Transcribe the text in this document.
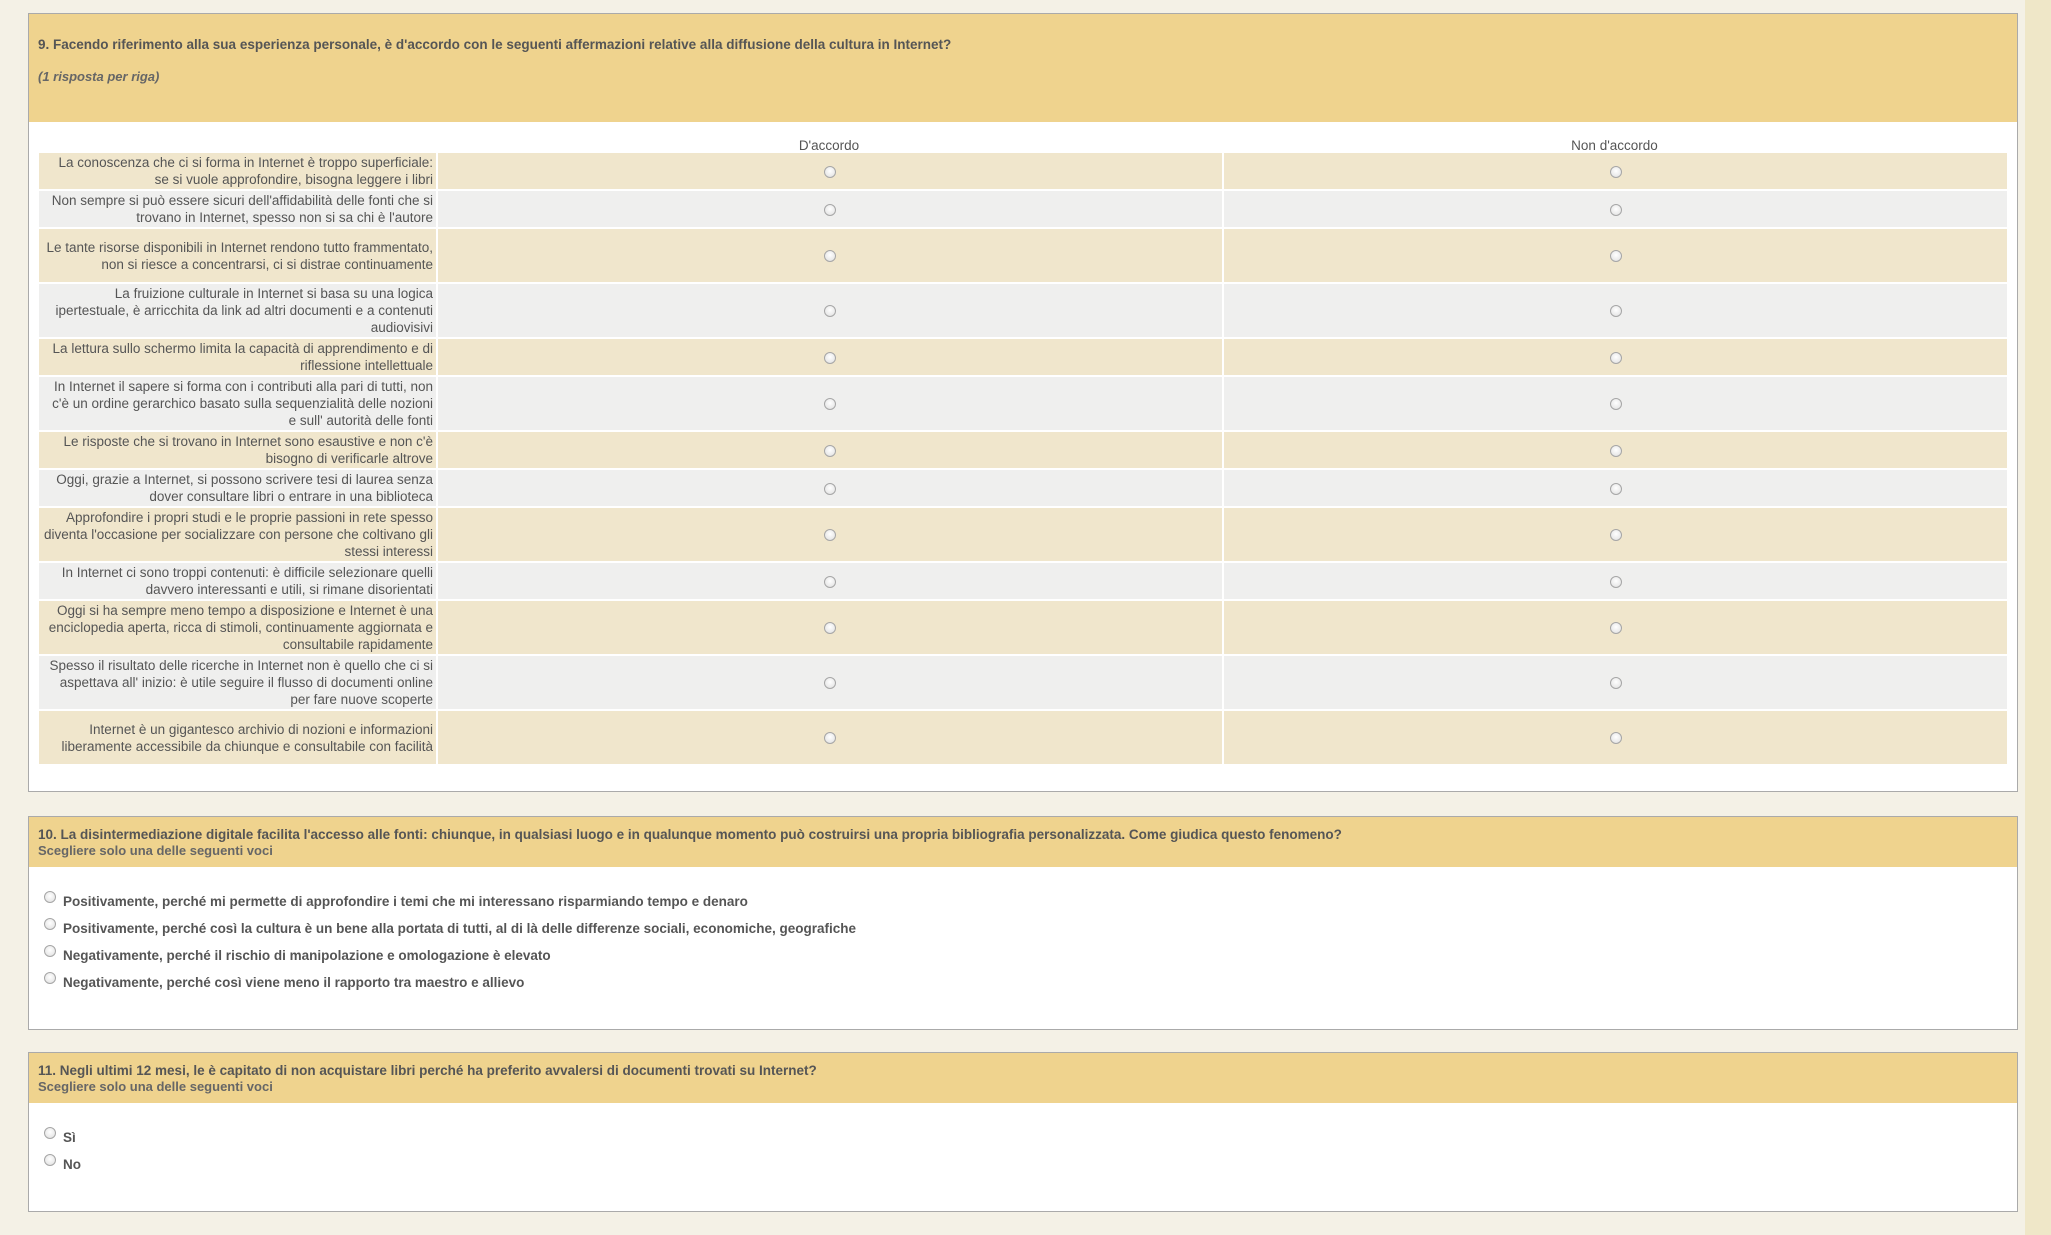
9. Facendo riferimento alla sua esperienza personale, è d'accordo con le seguenti affermazioni relative alla diffusione della cultura in Internet?
(1 risposta per riga)
	D'accordo	Non d'accordo
La conoscenza che ci si forma in Internet è troppo superficiale: se si vuole approfondire, bisogna leggere i libri		
Non sempre si può essere sicuri dell'affidabilità delle fonti che si trovano in Internet, spesso non si sa chi è l'autore		
Le tante risorse disponibili in Internet rendono tutto frammentato, non si riesce a concentrarsi, ci si distrae continuamente		
La fruizione culturale in Internet si basa su una logica ipertestuale, è arricchita da link ad altri documenti e a contenuti audiovisivi		
La lettura sullo schermo limita la capacità di apprendimento e di riflessione intellettuale		
In Internet il sapere si forma con i contributi alla pari di tutti, non c'è un ordine gerarchico basato sulla sequenzialità delle nozioni e sull' autorità delle fonti		
Le risposte che si trovano in Internet sono esaustive e non c'è bisogno di verificarle altrove		
Oggi, grazie a Internet, si possono scrivere tesi di laurea senza dover consultare libri o entrare in una biblioteca		
Approfondire i propri studi e le proprie passioni in rete spesso diventa l'occasione per socializzare con persone che coltivano gli stessi interessi		
In Internet ci sono troppi contenuti: è difficile selezionare quelli davvero interessanti e utili, si rimane disorientati		
Oggi si ha sempre meno tempo a disposizione e Internet è una enciclopedia aperta, ricca di stimoli, continuamente aggiornata e consultabile rapidamente		
Spesso il risultato delle ricerche in Internet non è quello che ci si aspettava all' inizio: è utile seguire il flusso di documenti online per fare nuove scoperte		
Internet è un gigantesco archivio di nozioni e informazioni liberamente accessibile da chiunque e consultabile con facilità		
10. La disintermediazione digitale facilita l'accesso alle fonti: chiunque, in qualsiasi luogo e in qualunque momento può costruirsi una propria bibliografia personalizzata. Come giudica questo fenomeno?
Scegliere solo una delle seguenti voci
Positivamente, perché mi permette di approfondire i temi che mi interessano risparmiando tempo e denaro
Positivamente, perché così la cultura è un bene alla portata di tutti, al di là delle differenze sociali, economiche, geografiche
Negativamente, perché il rischio di manipolazione e omologazione è elevato
Negativamente, perché così viene meno il rapporto tra maestro e allievo
11. Negli ultimi 12 mesi, le è capitato di non acquistare libri perché ha preferito avvalersi di documenti trovati su Internet?
Scegliere solo una delle seguenti voci
Sì
No
